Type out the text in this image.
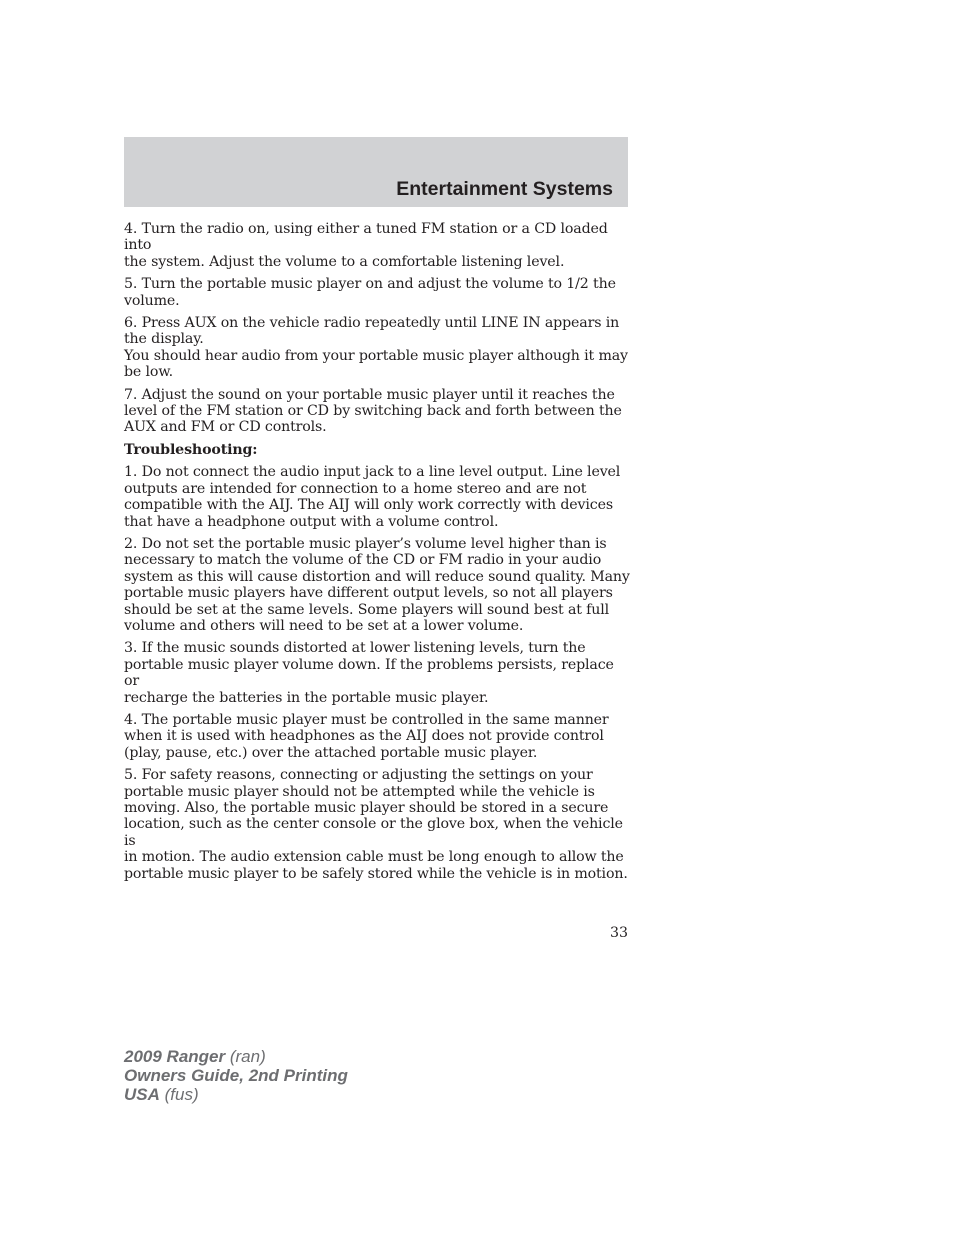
Entertainment Systems

4. Turn the radio on, using either a tuned FM station or a CD loaded into
the system. Adjust the volume to a comfortable listening level.

5. Turn the portable music player on and adjust the volume to 1/2 the
volume.

6. Press AUX on the vehicle radio repeatedly until LINE IN appears in
the display.
You should hear audio from your portable music player although it may
be low.

7. Adjust the sound on your portable music player until it reaches the
level of the FM station or CD by switching back and forth between the
AUX and FM or CD controls.

Troubleshooting:

1. Do not connect the audio input jack to a line level output. Line level
outputs are intended for connection to a home stereo and are not
compatible with the AIJ. The AIJ will only work correctly with devices
that have a headphone output with a volume control.

2. Do not set the portable music player’s volume level higher than is
necessary to match the volume of the CD or FM radio in your audio
system as this will cause distortion and will reduce sound quality. Many
portable music players have different output levels, so not all players
should be set at the same levels. Some players will sound best at full
volume and others will need to be set at a lower volume.

3. If the music sounds distorted at lower listening levels, turn the
portable music player volume down. If the problems persists, replace or
recharge the batteries in the portable music player.

4. The portable music player must be controlled in the same manner
when it is used with headphones as the AIJ does not provide control
(play, pause, etc.) over the attached portable music player.

5. For safety reasons, connecting or adjusting the settings on your
portable music player should not be attempted while the vehicle is
moving. Also, the portable music player should be stored in a secure
location, such as the center console or the glove box, when the vehicle is
in motion. The audio extension cable must be long enough to allow the
portable music player to be safely stored while the vehicle is in motion.

33
2009 Ranger (ran)
Owners Guide, 2nd Printing
USA (fus)
